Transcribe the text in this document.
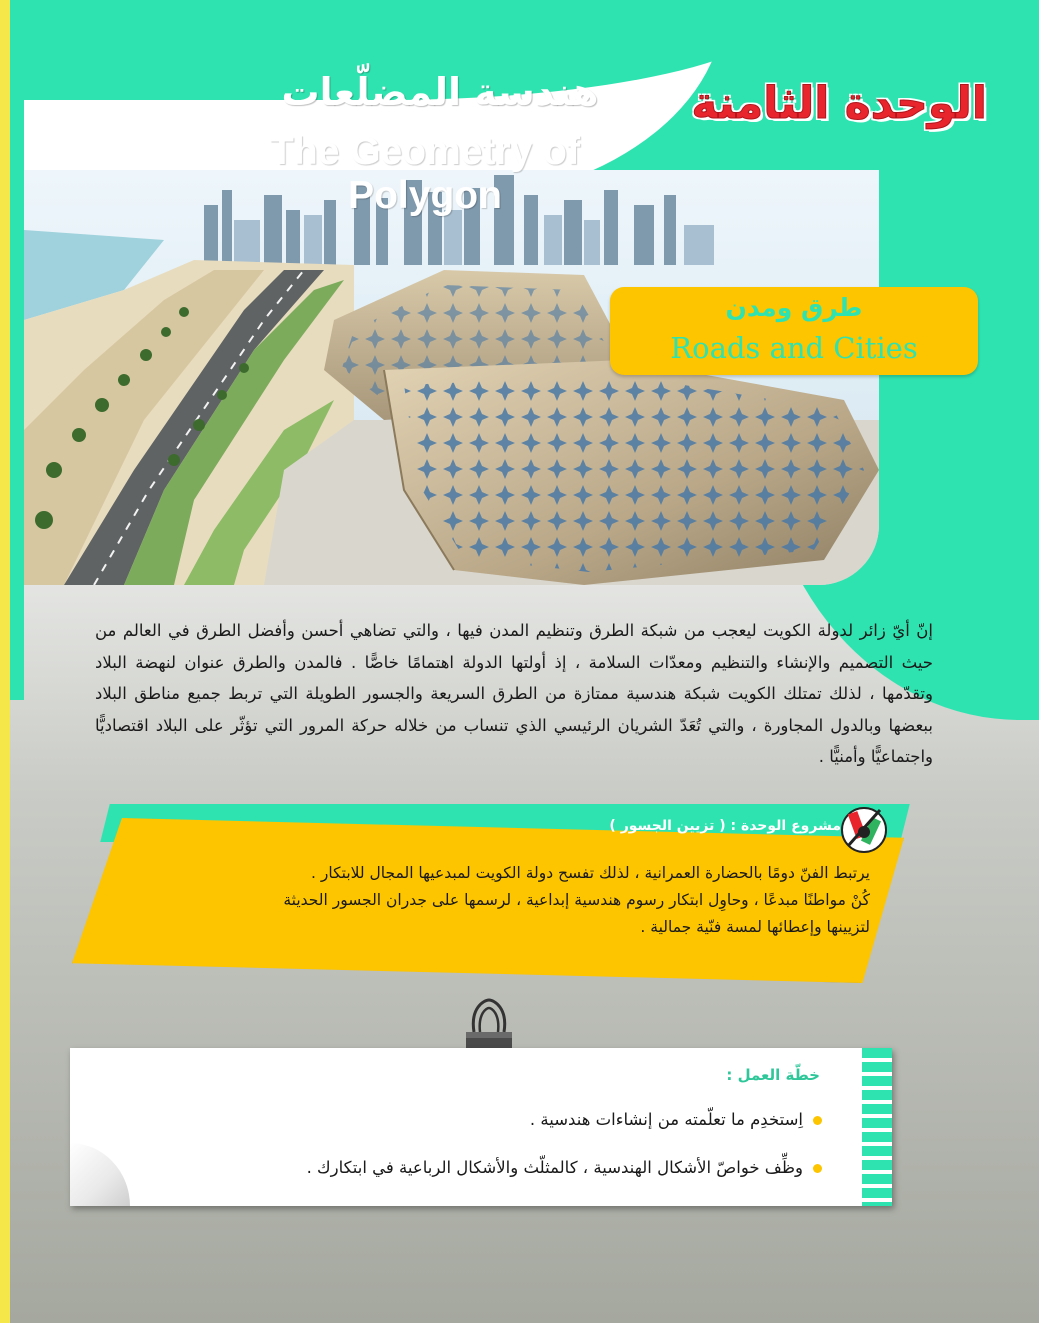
هندسة المضلّعات
The Geometry of Polygon
الوحدة الثامنة
طرق ومدن
Roads and Cities
إنّ أيّ زائر لدولة الكويت ليعجب من شبكة الطرق وتنظيم المدن فيها ، والتي تضاهي أحسن وأفضل الطرق في العالم من حيث التصميم والإنشاء والتنظيم ومعدّات السلامة ، إذ أولتها الدولة اهتمامًا خاصًّا . فالمدن والطرق عنوان لنهضة البلاد وتقدّمها ، لذلك تمتلك الكويت شبكة هندسية ممتازة من الطرق السريعة والجسور الطويلة التي تربط جميع مناطق البلاد ببعضها وبالدول المجاورة ، والتي تُعَدّ الشريان الرئيسي الذي تنساب من خلاله حركة المرور التي تؤثّر على البلاد اقتصاديًّا واجتماعيًّا وأمنيًّا .
مشروع الوحدة : ( تزيين الجسور )
يرتبط الفنّ دومًا بالحضارة العمرانية ، لذلك تفسح دولة الكويت لمبدعيها المجال للابتكار .
كُنْ مواطنًا مبدعًا ، وحاوِل ابتكار رسوم هندسية إبداعية ، لرسمها على جدران الجسور الحديثة
لتزيينها وإعطائها لمسة فنّية جمالية .
خطّة العمل :
اِستخدِم ما تعلّمته من إنشاءات هندسية .
وظِّف خواصّ الأشكال الهندسية ، كالمثلّث والأشكال الرباعية في ابتكارك .
